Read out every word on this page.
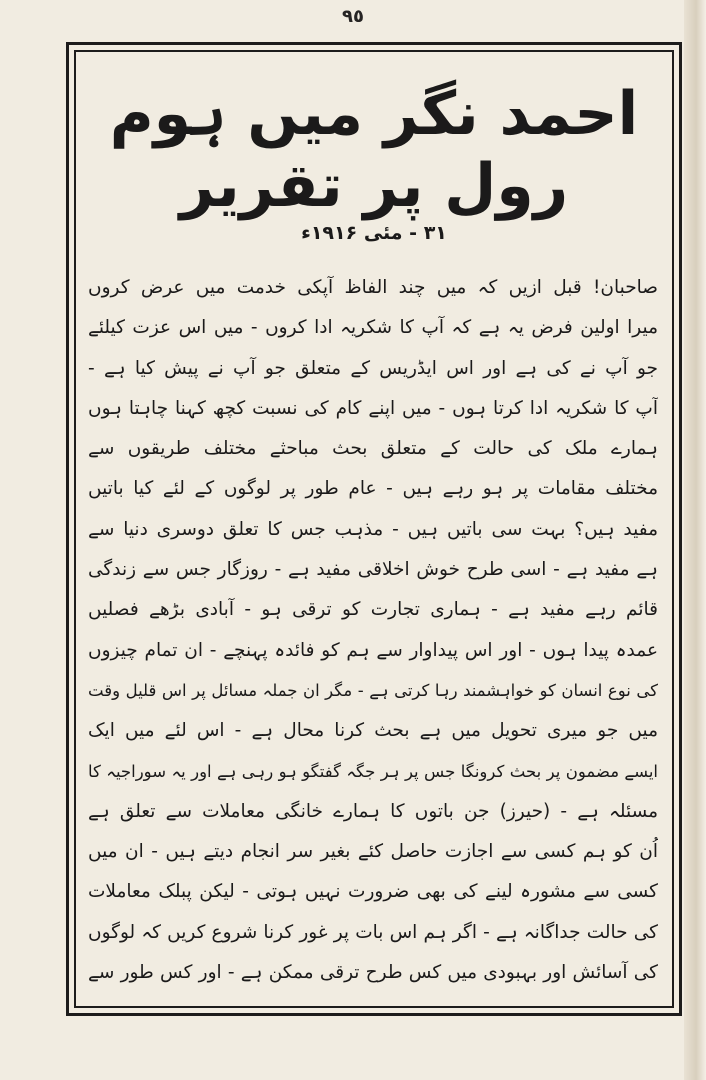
٩٥
احمد نگر میں ہوم رول پر تقریر
۳۱ - مئی ۱۹۱۶ء
صاحبان! قبل ازیں کہ میں چند الفاظ آپکی خدمت میں عرض کروں
میرا اولین فرض یہ ہے کہ آپ کا شکریہ ادا کروں - میں اس عزت کیلئے
جو آپ نے کی ہے اور اس ایڈریس کے متعلق جو آپ نے پیش کیا ہے -
آپ کا شکریہ ادا کرتا ہوں - میں اپنے کام کی نسبت کچھ کہنا چاہتا ہوں
ہمارے ملک کی حالت کے متعلق بحث مباحثے مختلف طریقوں سے
مختلف مقامات پر ہو رہے ہیں - عام طور پر لوگوں کے لئے کیا باتیں
مفید ہیں؟ بہت سی باتیں ہیں - مذہب جس کا تعلق دوسری دنیا سے
ہے مفید ہے - اسی طرح خوش اخلاقی مفید ہے - روزگار جس سے زندگی
قائم رہے مفید ہے - ہماری تجارت کو ترقی ہو - آبادی بڑھے فصلیں
عمدہ پیدا ہوں - اور اس پیداوار سے ہم کو فائدہ پہنچے - ان تمام چیزوں
کی نوع انسان کو خواہشمند رہا کرتی ہے - مگر ان جملہ مسائل پر اس قلیل وقت
میں جو میری تحویل میں ہے بحث کرنا محال ہے - اس لئے میں ایک
ایسے مضمون پر بحث کرونگا جس پر ہر جگہ گفتگو ہو رہی ہے اور یہ سوراجیہ کا
مسئلہ ہے - (حیرز) جن باتوں کا ہمارے خانگی معاملات سے تعلق ہے
اُن کو ہم کسی سے اجازت حاصل کئے بغیر سر انجام دیتے ہیں - ان میں
کسی سے مشورہ لینے کی بھی ضرورت نہیں ہوتی - لیکن پبلک معاملات
کی حالت جداگانہ ہے - اگر ہم اس بات پر غور کرنا شروع کریں کہ لوگوں
کی آسائش اور بہبودی میں کس طرح ترقی ممکن ہے - اور کس طور سے
